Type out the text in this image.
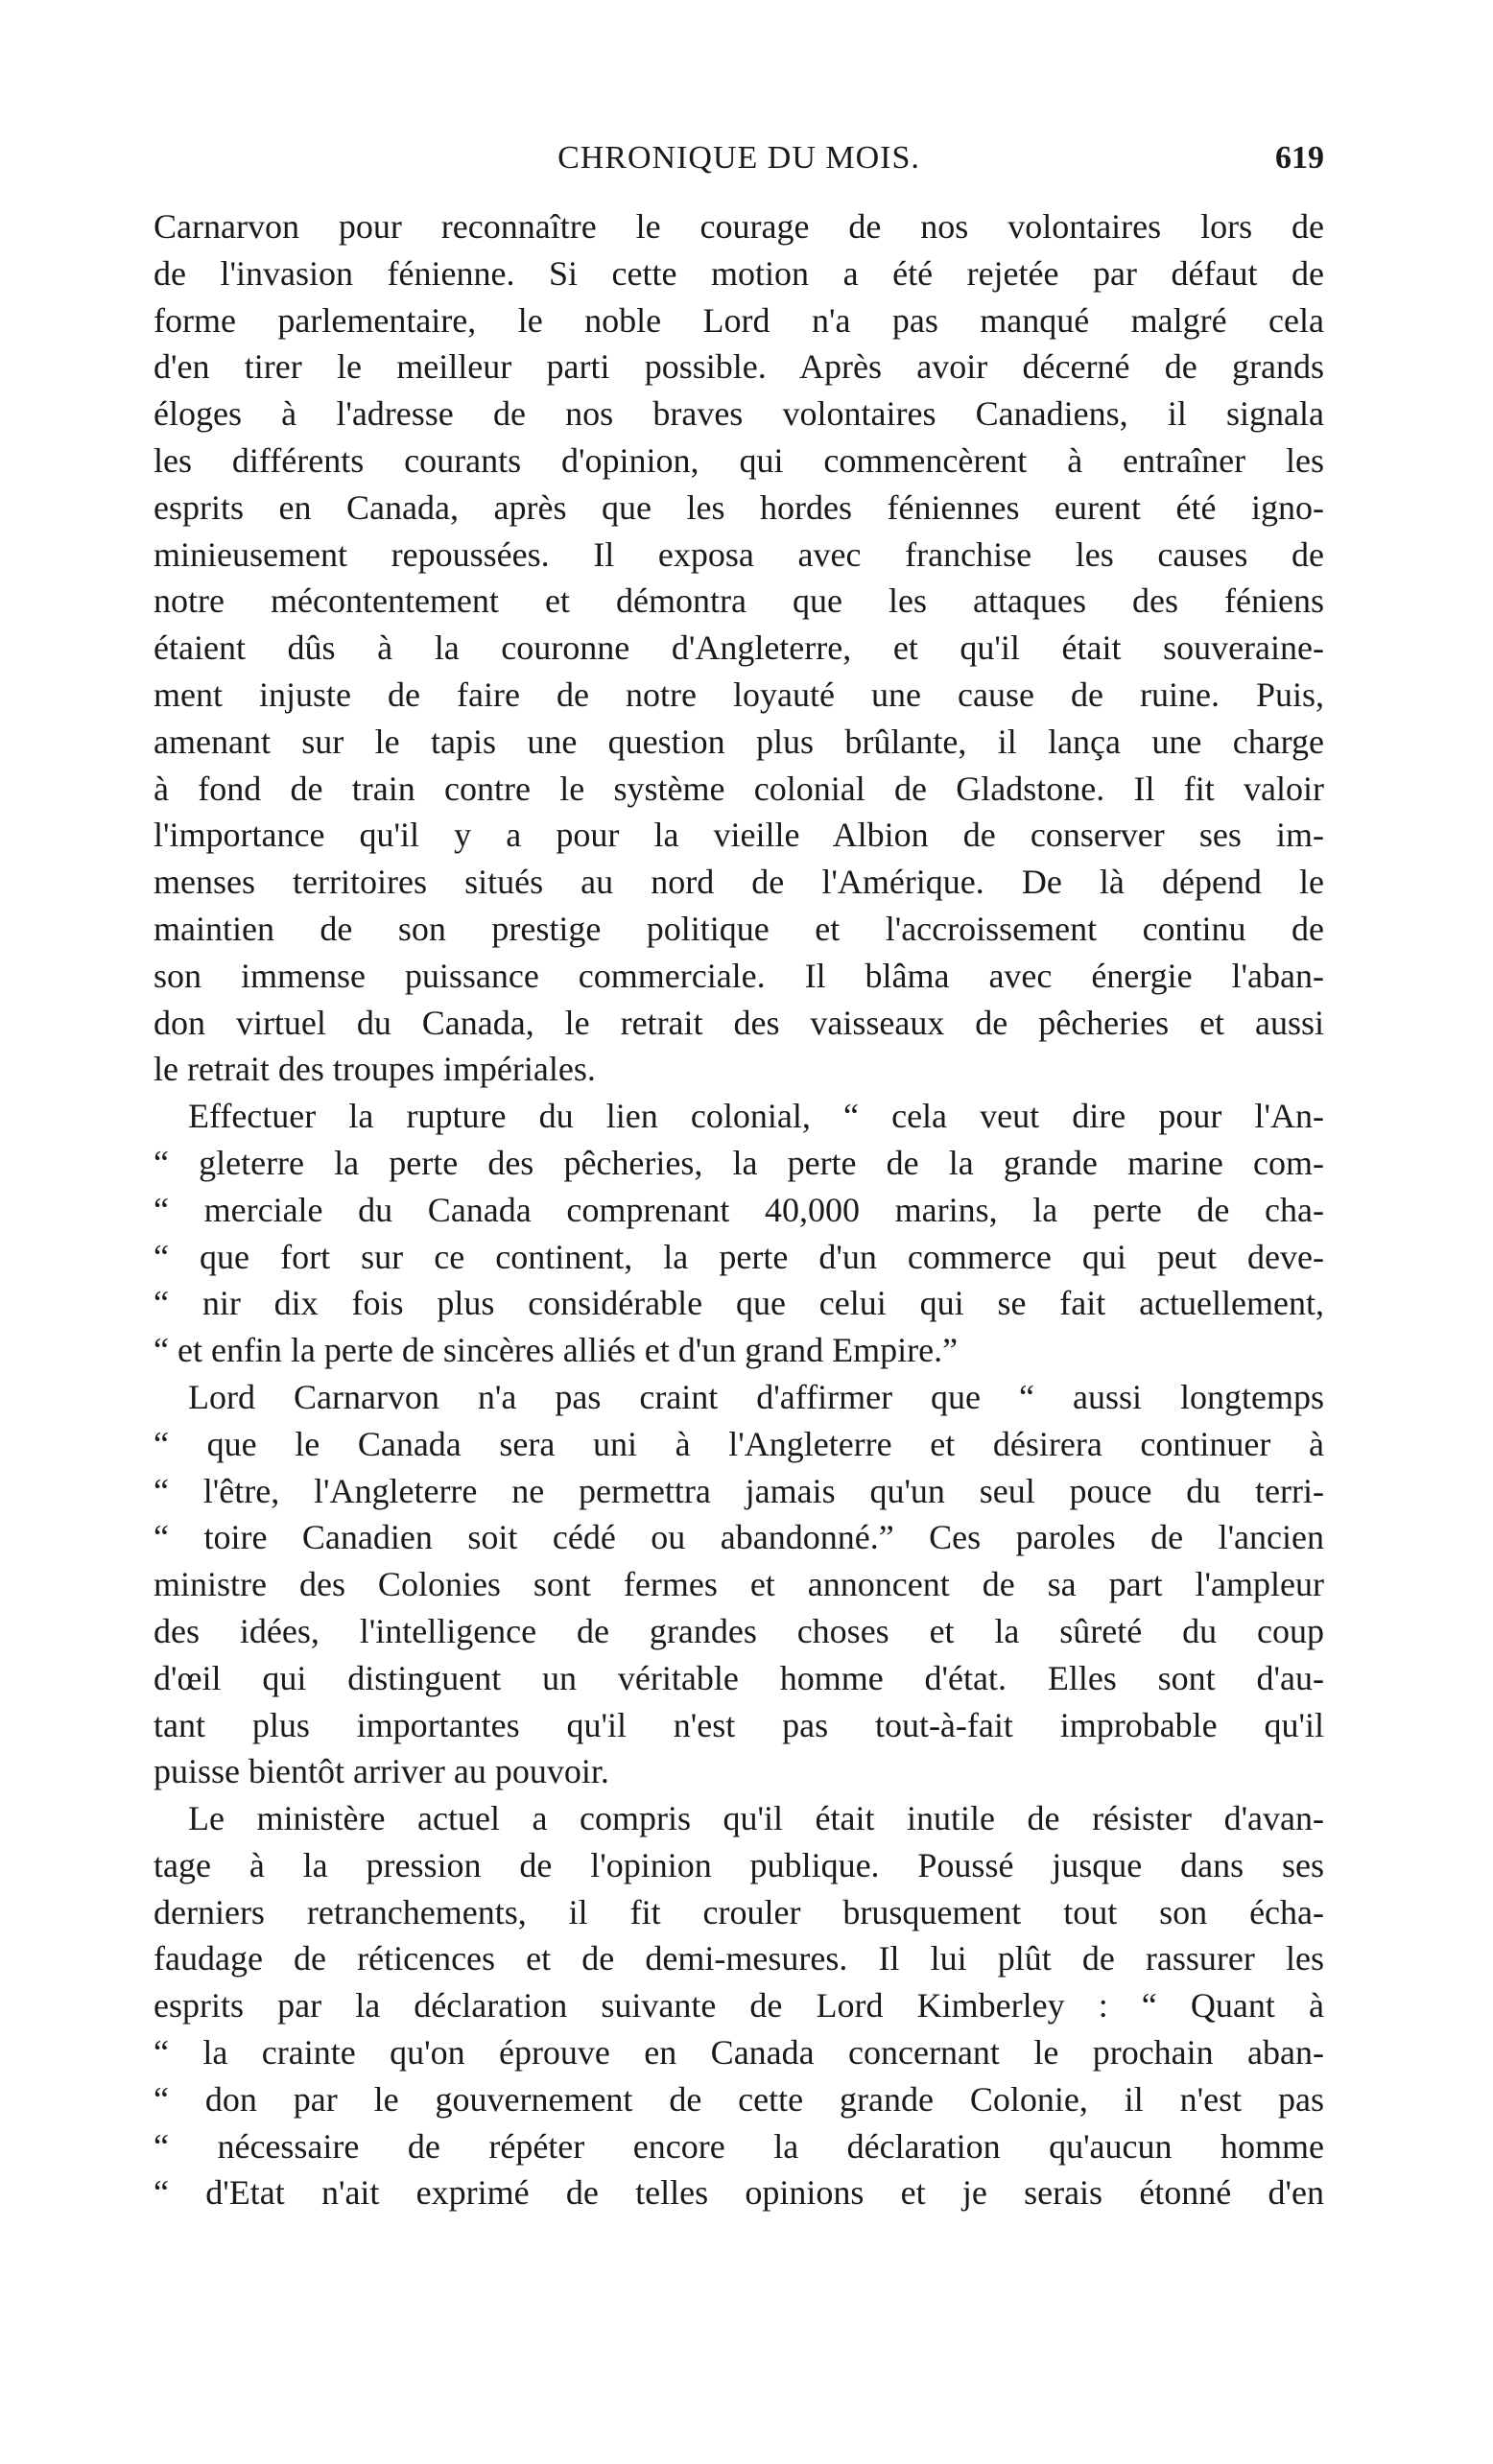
CHRONIQUE DU MOIS.	619
Carnarvon pour reconnaître le courage de nos volontaires lors de
de l'invasion fénienne. Si cette motion a été rejetée par défaut de
forme parlementaire, le noble Lord n'a pas manqué malgré cela
d'en tirer le meilleur parti possible. Après avoir décerné de grands
éloges à l'adresse de nos braves volontaires Canadiens, il signala
les différents courants d'opinion, qui commencèrent à entraîner les
esprits en Canada, après que les hordes féniennes eurent été igno-
minieusement repoussées. Il exposa avec franchise les causes de
notre mécontentement et démontra que les attaques des féniens
étaient dûs à la couronne d'Angleterre, et qu'il était souveraine-
ment injuste de faire de notre loyauté une cause de ruine. Puis,
amenant sur le tapis une question plus brûlante, il lança une charge
à fond de train contre le système colonial de Gladstone. Il fit valoir
l'importance qu'il y a pour la vieille Albion de conserver ses im-
menses territoires situés au nord de l'Amérique. De là dépend le
maintien de son prestige politique et l'accroissement continu de
son immense puissance commerciale. Il blâma avec énergie l'aban-
don virtuel du Canada, le retrait des vaisseaux de pêcheries et aussi
le retrait des troupes impériales.
Effectuer la rupture du lien colonial, “ cela veut dire pour l'An-
“ gleterre la perte des pêcheries, la perte de la grande marine com-
“ merciale du Canada comprenant 40,000 marins, la perte de cha-
“ que fort sur ce continent, la perte d'un commerce qui peut deve-
“ nir dix fois plus considérable que celui qui se fait actuellement,
“ et enfin la perte de sincères alliés et d'un grand Empire.”
Lord Carnarvon n'a pas craint d'affirmer que “ aussi longtemps
“ que le Canada sera uni à l'Angleterre et désirera continuer à
“ l'être, l'Angleterre ne permettra jamais qu'un seul pouce du terri-
“ toire Canadien soit cédé ou abandonné.” Ces paroles de l'ancien
ministre des Colonies sont fermes et annoncent de sa part l'ampleur
des idées, l'intelligence de grandes choses et la sûreté du coup
d'œil qui distinguent un véritable homme d'état. Elles sont d'au-
tant plus importantes qu'il n'est pas tout-à-fait improbable qu'il
puisse bientôt arriver au pouvoir.
Le ministère actuel a compris qu'il était inutile de résister d'avan-
tage à la pression de l'opinion publique. Poussé jusque dans ses
derniers retranchements, il fit crouler brusquement tout son écha-
faudage de réticences et de demi-mesures. Il lui plût de rassurer les
esprits par la déclaration suivante de Lord Kimberley : “ Quant à
“ la crainte qu'on éprouve en Canada concernant le prochain aban-
“ don par le gouvernement de cette grande Colonie, il n'est pas
“ nécessaire de répéter encore la déclaration qu'aucun homme
“ d'Etat n'ait exprimé de telles opinions et je serais étonné d'en
